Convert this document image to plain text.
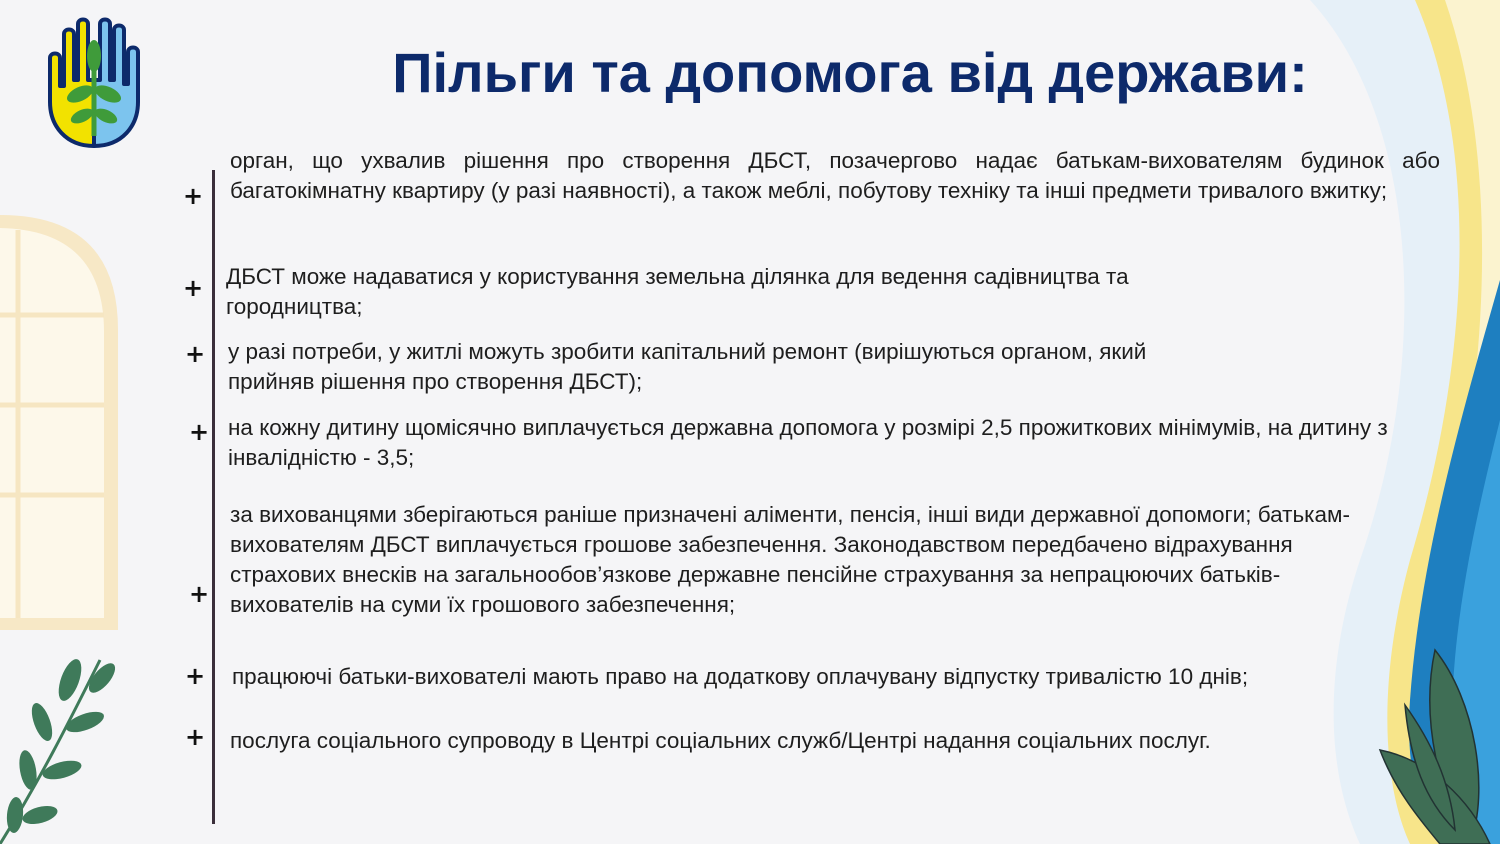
Пільги та допомога від держави:
+

орган, що ухвалив рішення про створення ДБСТ, позачергово надає батькам-вихователям будинок або багатокімнатну квартиру (у разі наявності), а також меблі, побутову техніку та інші предмети тривалого вжитку;

+ ДБСТ може надаватися у користування земельна ділянка для ведення садівництва та городництва;

+ у разі потреби, у житлі можуть зробити капітальний ремонт (вирішуються органом, який прийняв рішення про створення ДБСТ);

+ на кожну дитину щомісячно виплачується державна допомога у розмірі 2,5 прожиткових мінімумів, на дитину з інвалідністю - 3,5;

+

за вихованцями зберігаються раніше призначені аліменти, пенсія, інші види державної допомоги; батькам-вихователям ДБСТ виплачується грошове забезпечення. Законодавством передбачено відрахування страхових внесків на загальнообов’язкове державне пенсійне страхування за непрацюючих батьків-вихователів на суми їх грошового забезпечення;

+ працюючі батьки-вихователі мають право на додаткову оплачувану відпустку тривалістю 10 днів;

+ послуга соціального супроводу в Центрі соціальних служб/Центрі надання соціальних послуг.
